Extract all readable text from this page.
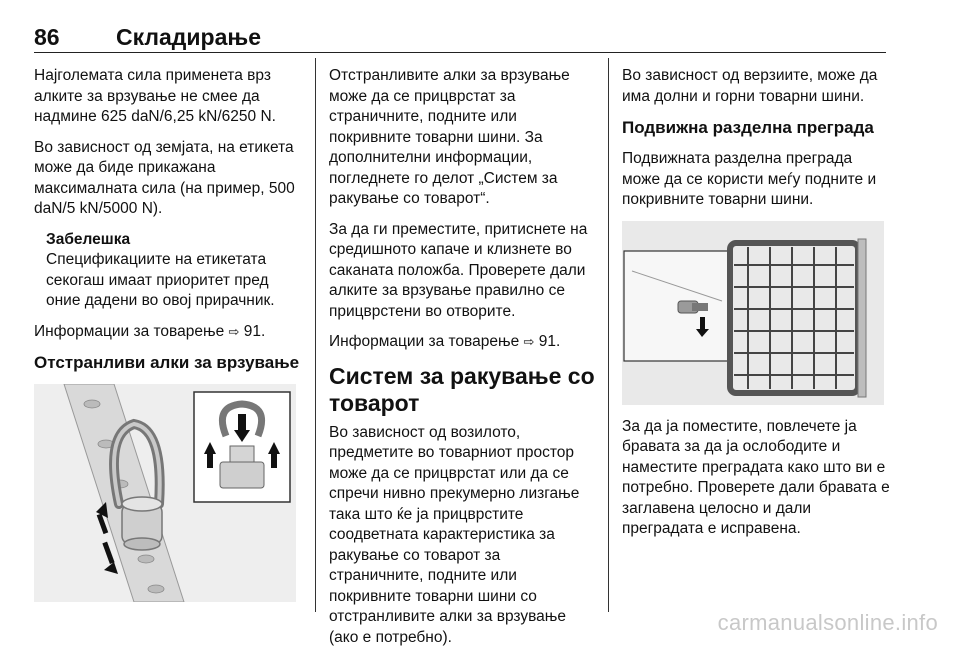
86 Складирање

Најголемата сила применета врз алките за врзување не смее да надмине 625 daN/6,25 kN/6250 N.

Во зависност од земјата, на етикета може да биде прикажана максималната сила (на пример, 500 daN/5 kN/5000 N).

Забелешка
Спецификациите на етикетата секогаш имаат приоритет пред оние дадени во овој прирачник.

Информации за товарење ⇨ 91.

Отстранливи алки за врзување

Отстранливите алки за врзување може да се прицврстат за страничните, подните или покривните товарни шини. За дополнителни информации, погледнете го делот „Систем за ракување со товарот“.

За да ги преместите, притиснете на средишното капаче и клизнете во саканата положба. Проверете дали алките за врзување правилно се прицврстени во отворите.

Информации за товарење ⇨ 91.

Систем за ракување со товарот

Во зависност од возилото, предметите во товарниот простор може да се прицврстат или да се спречи нивно прекумерно лизгање така што ќе ја прицврстите соодветната карактеристика за ракување со товарот за страничните, подните или покривните товарни шини со отстранливите алки за врзување (ако е потребно).

Во зависност од верзиите, може да има долни и горни товарни шини.

Подвижна разделна преграда

Подвижната разделна преграда може да се користи меѓу подните и покривните товарни шини.

За да ја поместите, повлечете ја бравата за да ја ослободите и наместите преградата како што ви е потребно. Проверете дали бравата е заглавена целосно и дали преградата е исправена.

carmanualsonline.info
